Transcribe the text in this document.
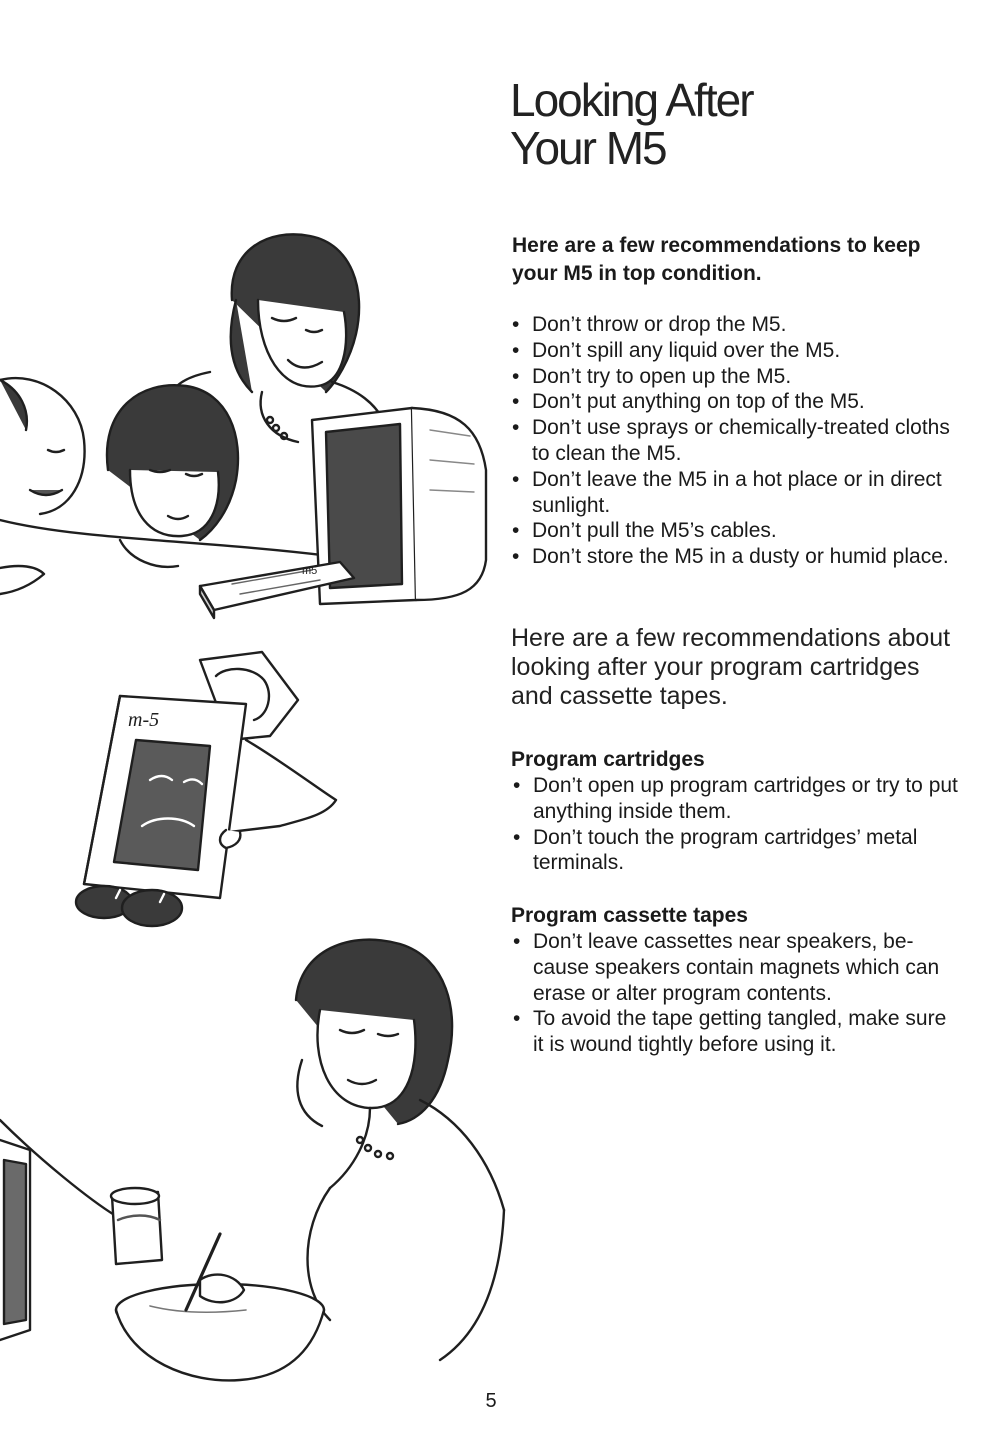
m5
m-5
Looking After
Your M5
Here are a few recommendations to keep your M5 in top condition.
• Don’t throw or drop the M5.
• Don’t spill any liquid over the M5.
• Don’t try to open up the M5.
• Don’t put anything on top of the M5.
• Don’t use sprays or chemically-treated cloths to clean the M5.
• Don’t leave the M5 in a hot place or in direct sunlight.
• Don’t pull the M5’s cables.
• Don’t store the M5 in a dusty or humid place.
Here are a few recommendations about looking after your program cartridges and cassette tapes.
Program cartridges
• Don’t open up program cartridges or try to put anything inside them.
• Don’t touch the program cartridges’ metal terminals.
Program cassette tapes
• Don’t leave cassettes near speakers, be-cause speakers contain magnets which can erase or alter program contents.
• To avoid the tape getting tangled, make sure it is wound tightly before using it.
5
